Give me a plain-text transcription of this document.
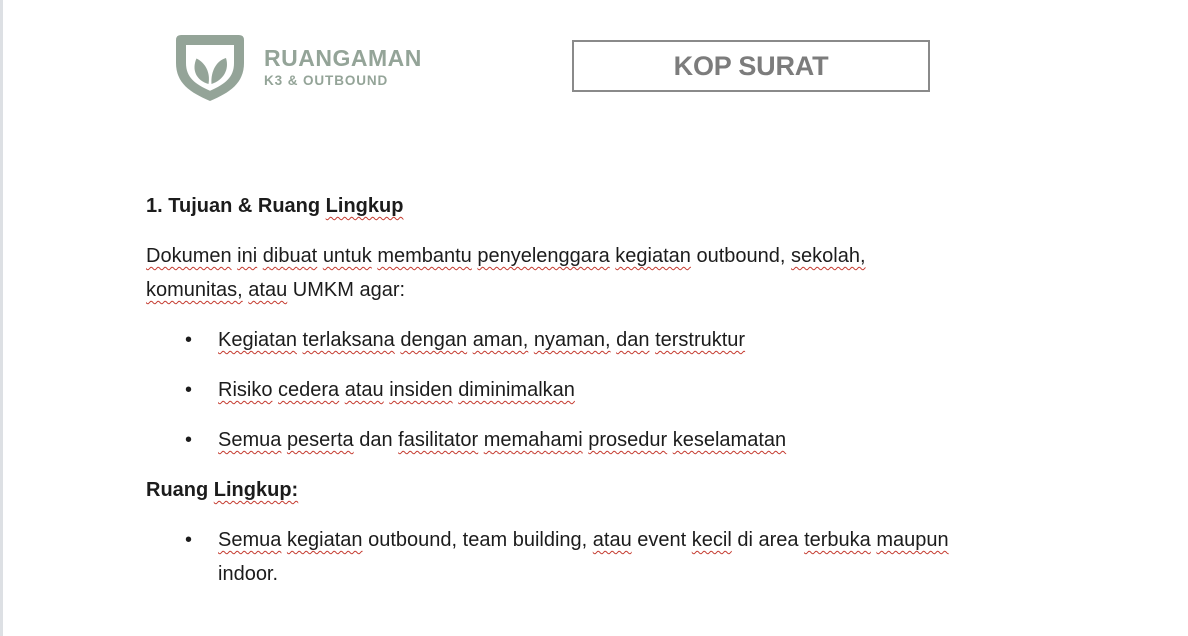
RUANGAMAN
K3 & OUTBOUND	KOP SURAT
1. Tujuan & Ruang Lingkup
Dokumen ini dibuat untuk membantu penyelenggara kegiatan outbound, sekolah,
komunitas, atau UMKM agar:
• Kegiatan terlaksana dengan aman, nyaman, dan terstruktur
• Risiko cedera atau insiden diminimalkan
• Semua peserta dan fasilitator memahami prosedur keselamatan
Ruang Lingkup:
• Semua kegiatan outbound, team building, atau event kecil di area terbuka maupun
indoor.
